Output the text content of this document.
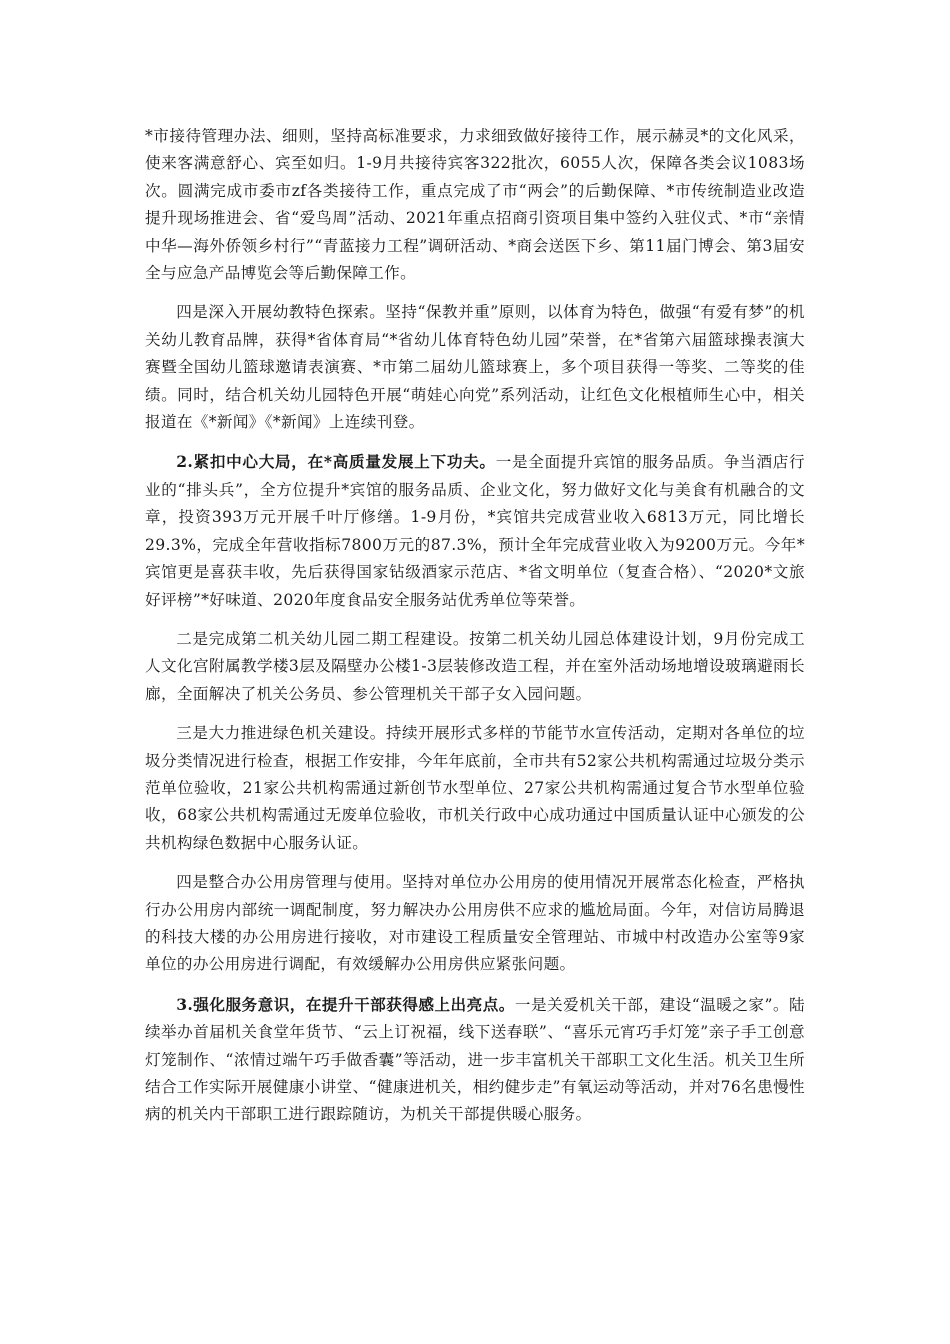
*市接待管理办法、细则，坚持高标准要求，力求细致做好接待工作，展示赫灵*的文化风采，使来客满意舒心、宾至如归。1-9月共接待宾客322批次，6055人次，保障各类会议1083场次。圆满完成市委市zf各类接待工作，重点完成了市“两会”的后勤保障、*市传统制造业改造提升现场推进会、省“爱鸟周”活动、2021年重点招商引资项目集中签约入驻仪式、*市“亲情中华—海外侨领乡村行”“青蓝接力工程”调研活动、*商会送医下乡、第11届门博会、第3届安全与应急产品博览会等后勤保障工作。

四是深入开展幼教特色探索。坚持“保教并重”原则，以体育为特色，做强“有爱有梦”的机关幼儿教育品牌，获得*省体育局“*省幼儿体育特色幼儿园”荣誉，在*省第六届篮球操表演大赛暨全国幼儿篮球邀请表演赛、*市第二届幼儿篮球赛上，多个项目获得一等奖、二等奖的佳绩。同时，结合机关幼儿园特色开展“萌娃心向党”系列活动，让红色文化根植师生心中，相关报道在《*新闻》《*新闻》上连续刊登。

2.紧扣中心大局，在*高质量发展上下功夫。一是全面提升宾馆的服务品质。争当酒店行业的“排头兵”，全方位提升*宾馆的服务品质、企业文化，努力做好文化与美食有机融合的文章，投资393万元开展千叶厅修缮。1-9月份，*宾馆共完成营业收入6813万元，同比增长29.3%，完成全年营收指标7800万元的87.3%，预计全年完成营业收入为9200万元。今年*宾馆更是喜获丰收，先后获得国家钻级酒家示范店、*省文明单位（复查合格）、“2020*文旅好评榜”*好味道、2020年度食品安全服务站优秀单位等荣誉。

二是完成第二机关幼儿园二期工程建设。按第二机关幼儿园总体建设计划，9月份完成工人文化宫附属教学楼3层及隔壁办公楼1-3层装修改造工程，并在室外活动场地增设玻璃避雨长廊，全面解决了机关公务员、参公管理机关干部子女入园问题。

三是大力推进绿色机关建设。持续开展形式多样的节能节水宣传活动，定期对各单位的垃圾分类情况进行检查，根据工作安排，今年年底前，全市共有52家公共机构需通过垃圾分类示范单位验收，21家公共机构需通过新创节水型单位、27家公共机构需通过复合节水型单位验收，68家公共机构需通过无废单位验收，市机关行政中心成功通过中国质量认证中心颁发的公共机构绿色数据中心服务认证。

四是整合办公用房管理与使用。坚持对单位办公用房的使用情况开展常态化检查，严格执行办公用房内部统一调配制度，努力解决办公用房供不应求的尴尬局面。今年，对信访局腾退的科技大楼的办公用房进行接收，对市建设工程质量安全管理站、市城中村改造办公室等9家单位的办公用房进行调配，有效缓解办公用房供应紧张问题。

3.强化服务意识，在提升干部获得感上出亮点。一是关爱机关干部，建设“温暖之家”。陆续举办首届机关食堂年货节、“云上订祝福，线下送春联”、“喜乐元宵巧手灯笼”亲子手工创意灯笼制作、“浓情过端午巧手做香囊”等活动，进一步丰富机关干部职工文化生活。机关卫生所结合工作实际开展健康小讲堂、“健康进机关，相约健步走”有氧运动等活动，并对76名患慢性病的机关内干部职工进行跟踪随访，为机关干部提供暖心服务。
